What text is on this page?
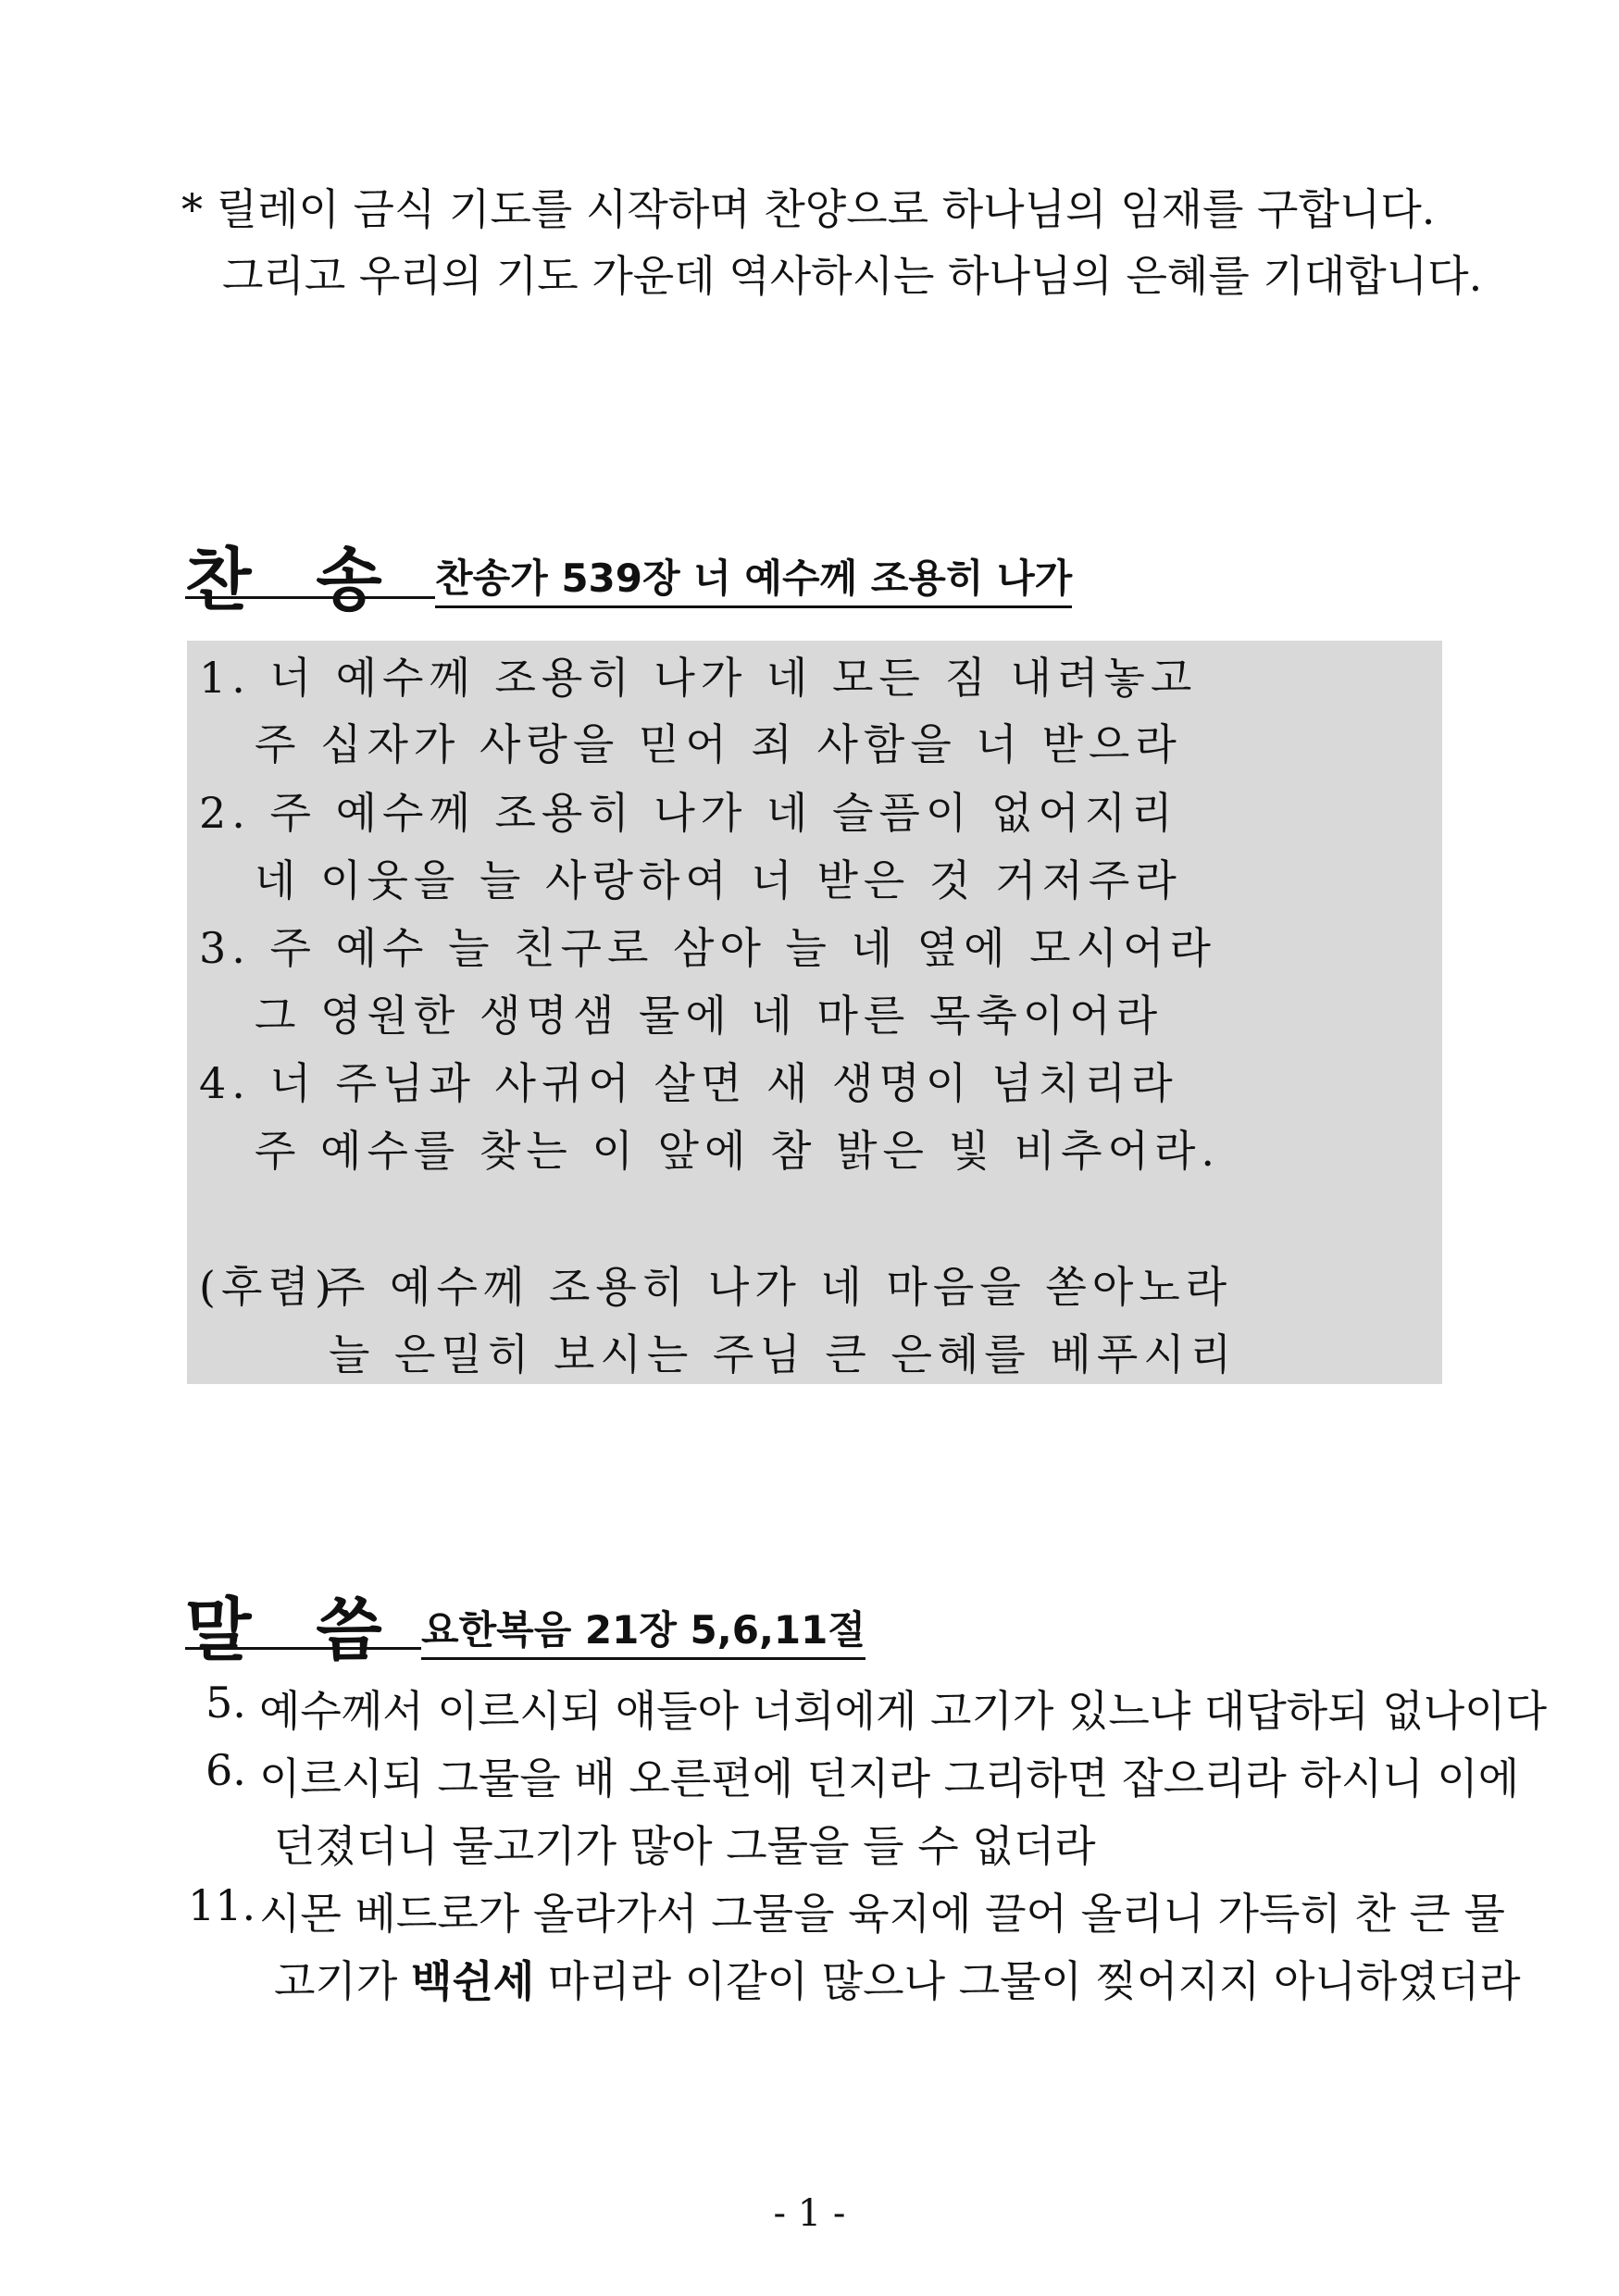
* 릴레이 금식 기도를 시작하며 찬양으로 하나님의 임재를 구합니다.
그리고 우리의 기도 가운데 역사하시는 하나님의 은혜를 기대합니다.
찬 송 찬송가 539장 너 예수께 조용히 나가
1. 너 예수께 조용히 나가 네 모든 짐 내려놓고
주 십자가 사랑을 믿어 죄 사함을 너 받으라
2. 주 예수께 조용히 나가 네 슬픔이 없어지리
네 이웃을 늘 사랑하여 너 받은 것 거저주라
3. 주 예수 늘 친구로 삼아 늘 네 옆에 모시어라
그 영원한 생명샘 물에 네 마른 목축이어라
4. 너 주님과 사귀어 살면 새 생명이 넘치리라
주 예수를 찾는 이 앞에 참 밝은 빛 비추어라.
(후렴)
주 예수께 조용히 나가 네 마음을 쏟아노라
늘 은밀히 보시는 주님 큰 은혜를 베푸시리
말 씀 요한복음 21장 5,6,11절
5. 예수께서 이르시되 얘들아 너희에게 고기가 있느냐 대답하되 없나이다
6. 이르시되 그물을 배 오른편에 던지라 그리하면 잡으리라 하시니 이에
던졌더니 물고기가 많아 그물을 들 수 없더라
11. 시몬 베드로가 올라가서 그물을 육지에 끌어 올리니 가득히 찬 큰 물
고기가 백쉰세 마리라 이같이 많으나 그물이 찢어지지 아니하였더라
- 1 -
